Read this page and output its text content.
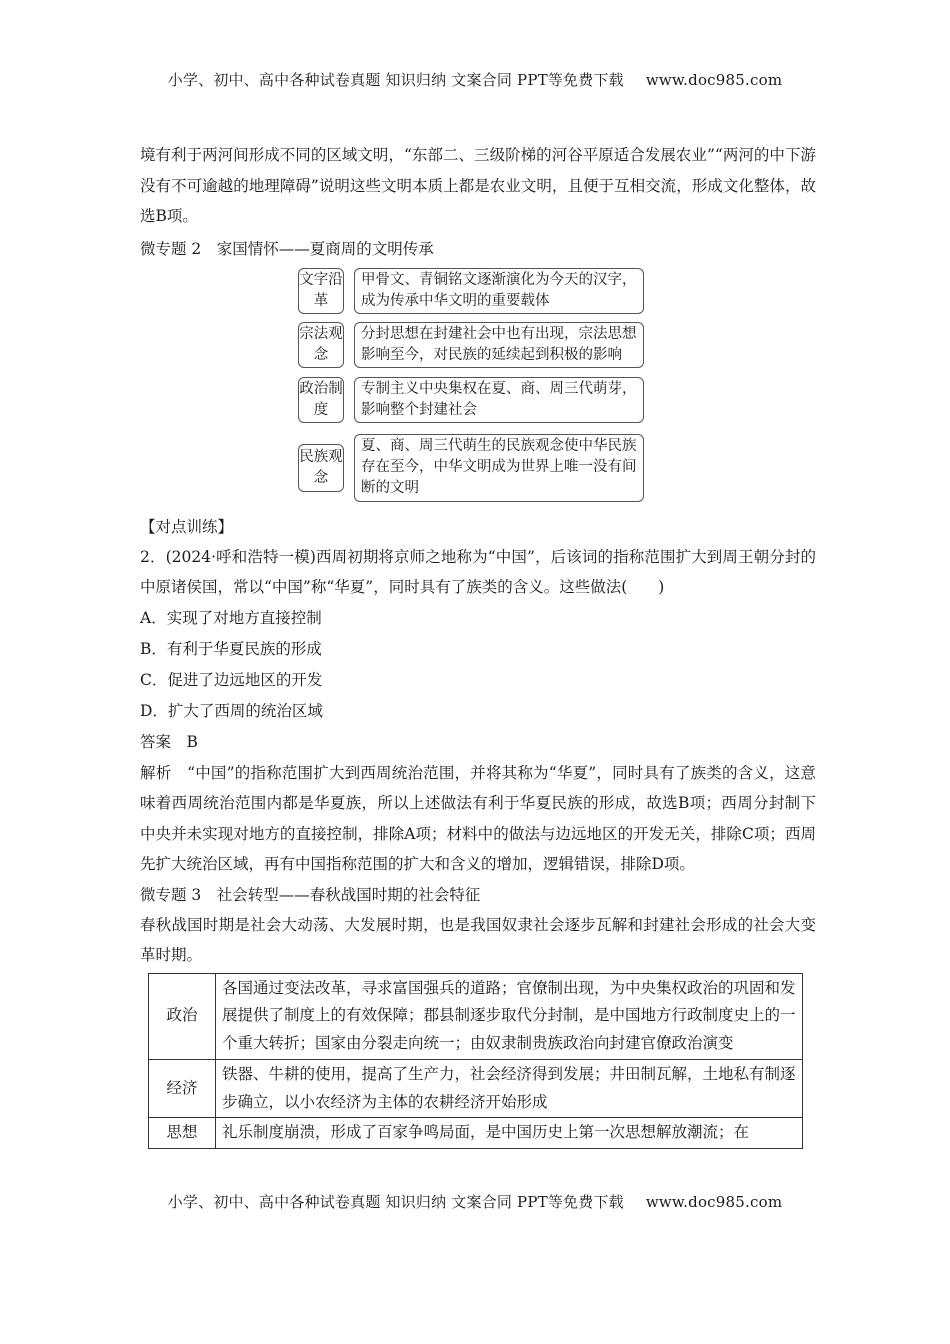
小学、初中、高中各种试卷真题 知识归纳 文案合同 PPT等免费下载 www.doc985.com

境有利于两河间形成不同的区域文明，“东部二、三级阶梯的河谷平原适合发展农业”“两河的中下游没有不可逾越的地理障碍”说明这些文明本质上都是农业文明，且便于互相交流，形成文化整体，故选B项。

微专题 2　家国情怀——夏商周的文明传承
文字沿革
甲骨文、青铜铭文逐渐演化为今天的汉字，成为传承中华文明的重要载体
宗法观念
分封思想在封建社会中也有出现，宗法思想影响至今，对民族的延续起到积极的影响
政治制度
专制主义中央集权在夏、商、周三代萌芽，影响整个封建社会
民族观念
夏、商、周三代萌生的民族观念使中华民族存在至今，中华文明成为世界上唯一没有间断的文明
【对点训练】

2．(2024·呼和浩特一模)西周初期将京师之地称为“中国”，后该词的指称范围扩大到周王朝分封的中原诸侯国，常以“中国”称“华夏”，同时具有了族类的含义。这些做法(　　)

A．实现了对地方直接控制
B．有利于华夏民族的形成
C．促进了边远地区的开发
D．扩大了西周的统治区域
答案　B

解析　“中国”的指称范围扩大到西周统治范围，并将其称为“华夏”，同时具有了族类的含义，这意味着西周统治范围内都是华夏族，所以上述做法有利于华夏民族的形成，故选B项；西周分封制下中央并未实现对地方的直接控制，排除A项；材料中的做法与边远地区的开发无关，排除C项；西周先扩大统治区域，再有中国指称范围的扩大和含义的增加，逻辑错误，排除D项。

微专题 3　社会转型——春秋战国时期的社会特征

春秋战国时期是社会大动荡、大发展时期，也是我国奴隶社会逐步瓦解和封建社会形成的社会大变革时期。

政治	各国通过变法改革，寻求富国强兵的道路；官僚制出现，为中央集权政治的巩固和发展提供了制度上的有效保障；郡县制逐步取代分封制，是中国地方行政制度史上的一个重大转折；国家由分裂走向统一；由奴隶制贵族政治向封建官僚政治演变
经济	铁器、牛耕的使用，提高了生产力，社会经济得到发展；井田制瓦解，土地私有制逐步确立，以小农经济为主体的农耕经济开始形成
思想	礼乐制度崩溃，形成了百家争鸣局面，是中国历史上第一次思想解放潮流；在
小学、初中、高中各种试卷真题 知识归纳 文案合同 PPT等免费下载 www.doc985.com
